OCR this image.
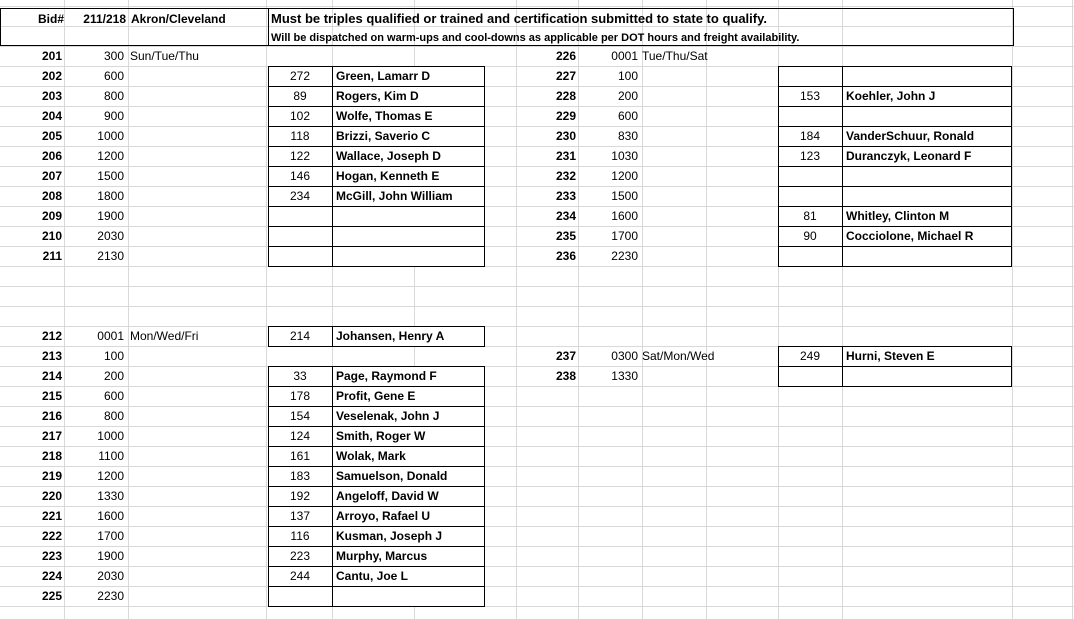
Bid#	211/218 Akron/Cleveland	Must be triples qualified or trained and certification submitted to state to qualify.
Will be dispatched on warm-ups and cool-downs as applicable per DOT hours and freight availability.
Sun/Tue/Thu
201	300
202	600	272	Green, Lamarr D
203	800	89	Rogers, Kim D
204	900	102	Wolfe, Thomas E
205	1000	118	Brizzi, Saverio C
206	1200	122	Wallace, Joseph D
207	1500	146	Hogan, Kenneth E
208	1800	234	McGill, John William
209	1900
210	2030
211	2130
Tue/Thu/Sat
226	0001
227	100
228	200	153	Koehler, John J
229	600
230	830	184	VanderSchuur, Ronald
231	1030	123	Duranczyk, Leonard F
232	1200
233	1500
234	1600	81	Whitley, Clinton M
235	1700	90	Cocciolone, Michael R
236	2230
Mon/Wed/Fri
212	0001	214	Johansen, Henry A
213	100
214	200	33	Page, Raymond F
215	600	178	Profit, Gene E
216	800	154	Veselenak, John J
217	1000	124	Smith, Roger W
218	1100	161	Wolak, Mark
219	1200	183	Samuelson, Donald
220	1330	192	Angeloff, David W
221	1600	137	Arroyo, Rafael U
222	1700	116	Kusman, Joseph J
223	1900	223	Murphy, Marcus
224	2030	244	Cantu, Joe L
225	2230
Sat/Mon/Wed
237	0300	249	Hurni, Steven E
238	1330
